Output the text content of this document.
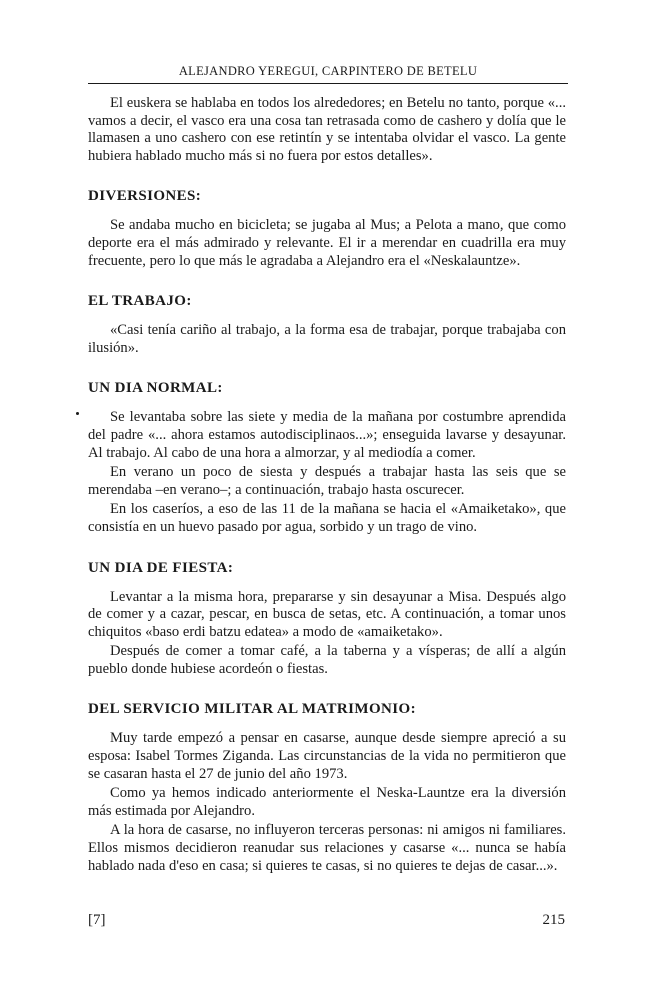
ALEJANDRO YEREGUI, CARPINTERO DE BETELU

El euskera se hablaba en todos los alrededores; en Betelu no tanto, porque «... vamos a decir, el vasco era una cosa tan retrasada como de cashero y dolía que le llamasen a uno cashero con ese retintín y se intentaba olvidar el vasco. La gente hubiera hablado mucho más si no fuera por estos detalles».

DIVERSIONES:

Se andaba mucho en bicicleta; se jugaba al Mus; a Pelota a mano, que como deporte era el más admirado y relevante. El ir a merendar en cuadrilla era muy frecuente, pero lo que más le agradaba a Alejandro era el «Neskalauntze».

EL TRABAJO:

«Casi tenía cariño al trabajo, a la forma esa de trabajar, porque trabajaba con ilusión».

UN DIA NORMAL:

Se levantaba sobre las siete y media de la mañana por costumbre aprendida del padre «... ahora estamos autodisciplinaos...»; enseguida lavarse y desayunar. Al trabajo. Al cabo de una hora a almorzar, y al mediodía a comer.

En verano un poco de siesta y después a trabajar hasta las seis que se merendaba –en verano–; a continuación, trabajo hasta oscurecer.

En los caseríos, a eso de las 11 de la mañana se hacia el «Amaiketako», que consistía en un huevo pasado por agua, sorbido y un trago de vino.

UN DIA DE FIESTA:

Levantar a la misma hora, prepararse y sin desayunar a Misa. Después algo de comer y a cazar, pescar, en busca de setas, etc. A continuación, a tomar unos chiquitos «baso erdi batzu edatea» a modo de «amaiketako».

Después de comer a tomar café, a la taberna y a vísperas; de allí a algún pueblo donde hubiese acordeón o fiestas.

DEL SERVICIO MILITAR AL MATRIMONIO:

Muy tarde empezó a pensar en casarse, aunque desde siempre apreció a su esposa: Isabel Tormes Ziganda. Las circunstancias de la vida no permitieron que se casaran hasta el 27 de junio del año 1973.

Como ya hemos indicado anteriormente el Neska-Launtze era la diversión más estimada por Alejandro.

A la hora de casarse, no influyeron terceras personas: ni amigos ni familiares. Ellos mismos decidieron reanudar sus relaciones y casarse «... nunca se había hablado nada d'eso en casa; si quieres te casas, si no quieres te dejas de casar...».

[7]	215
